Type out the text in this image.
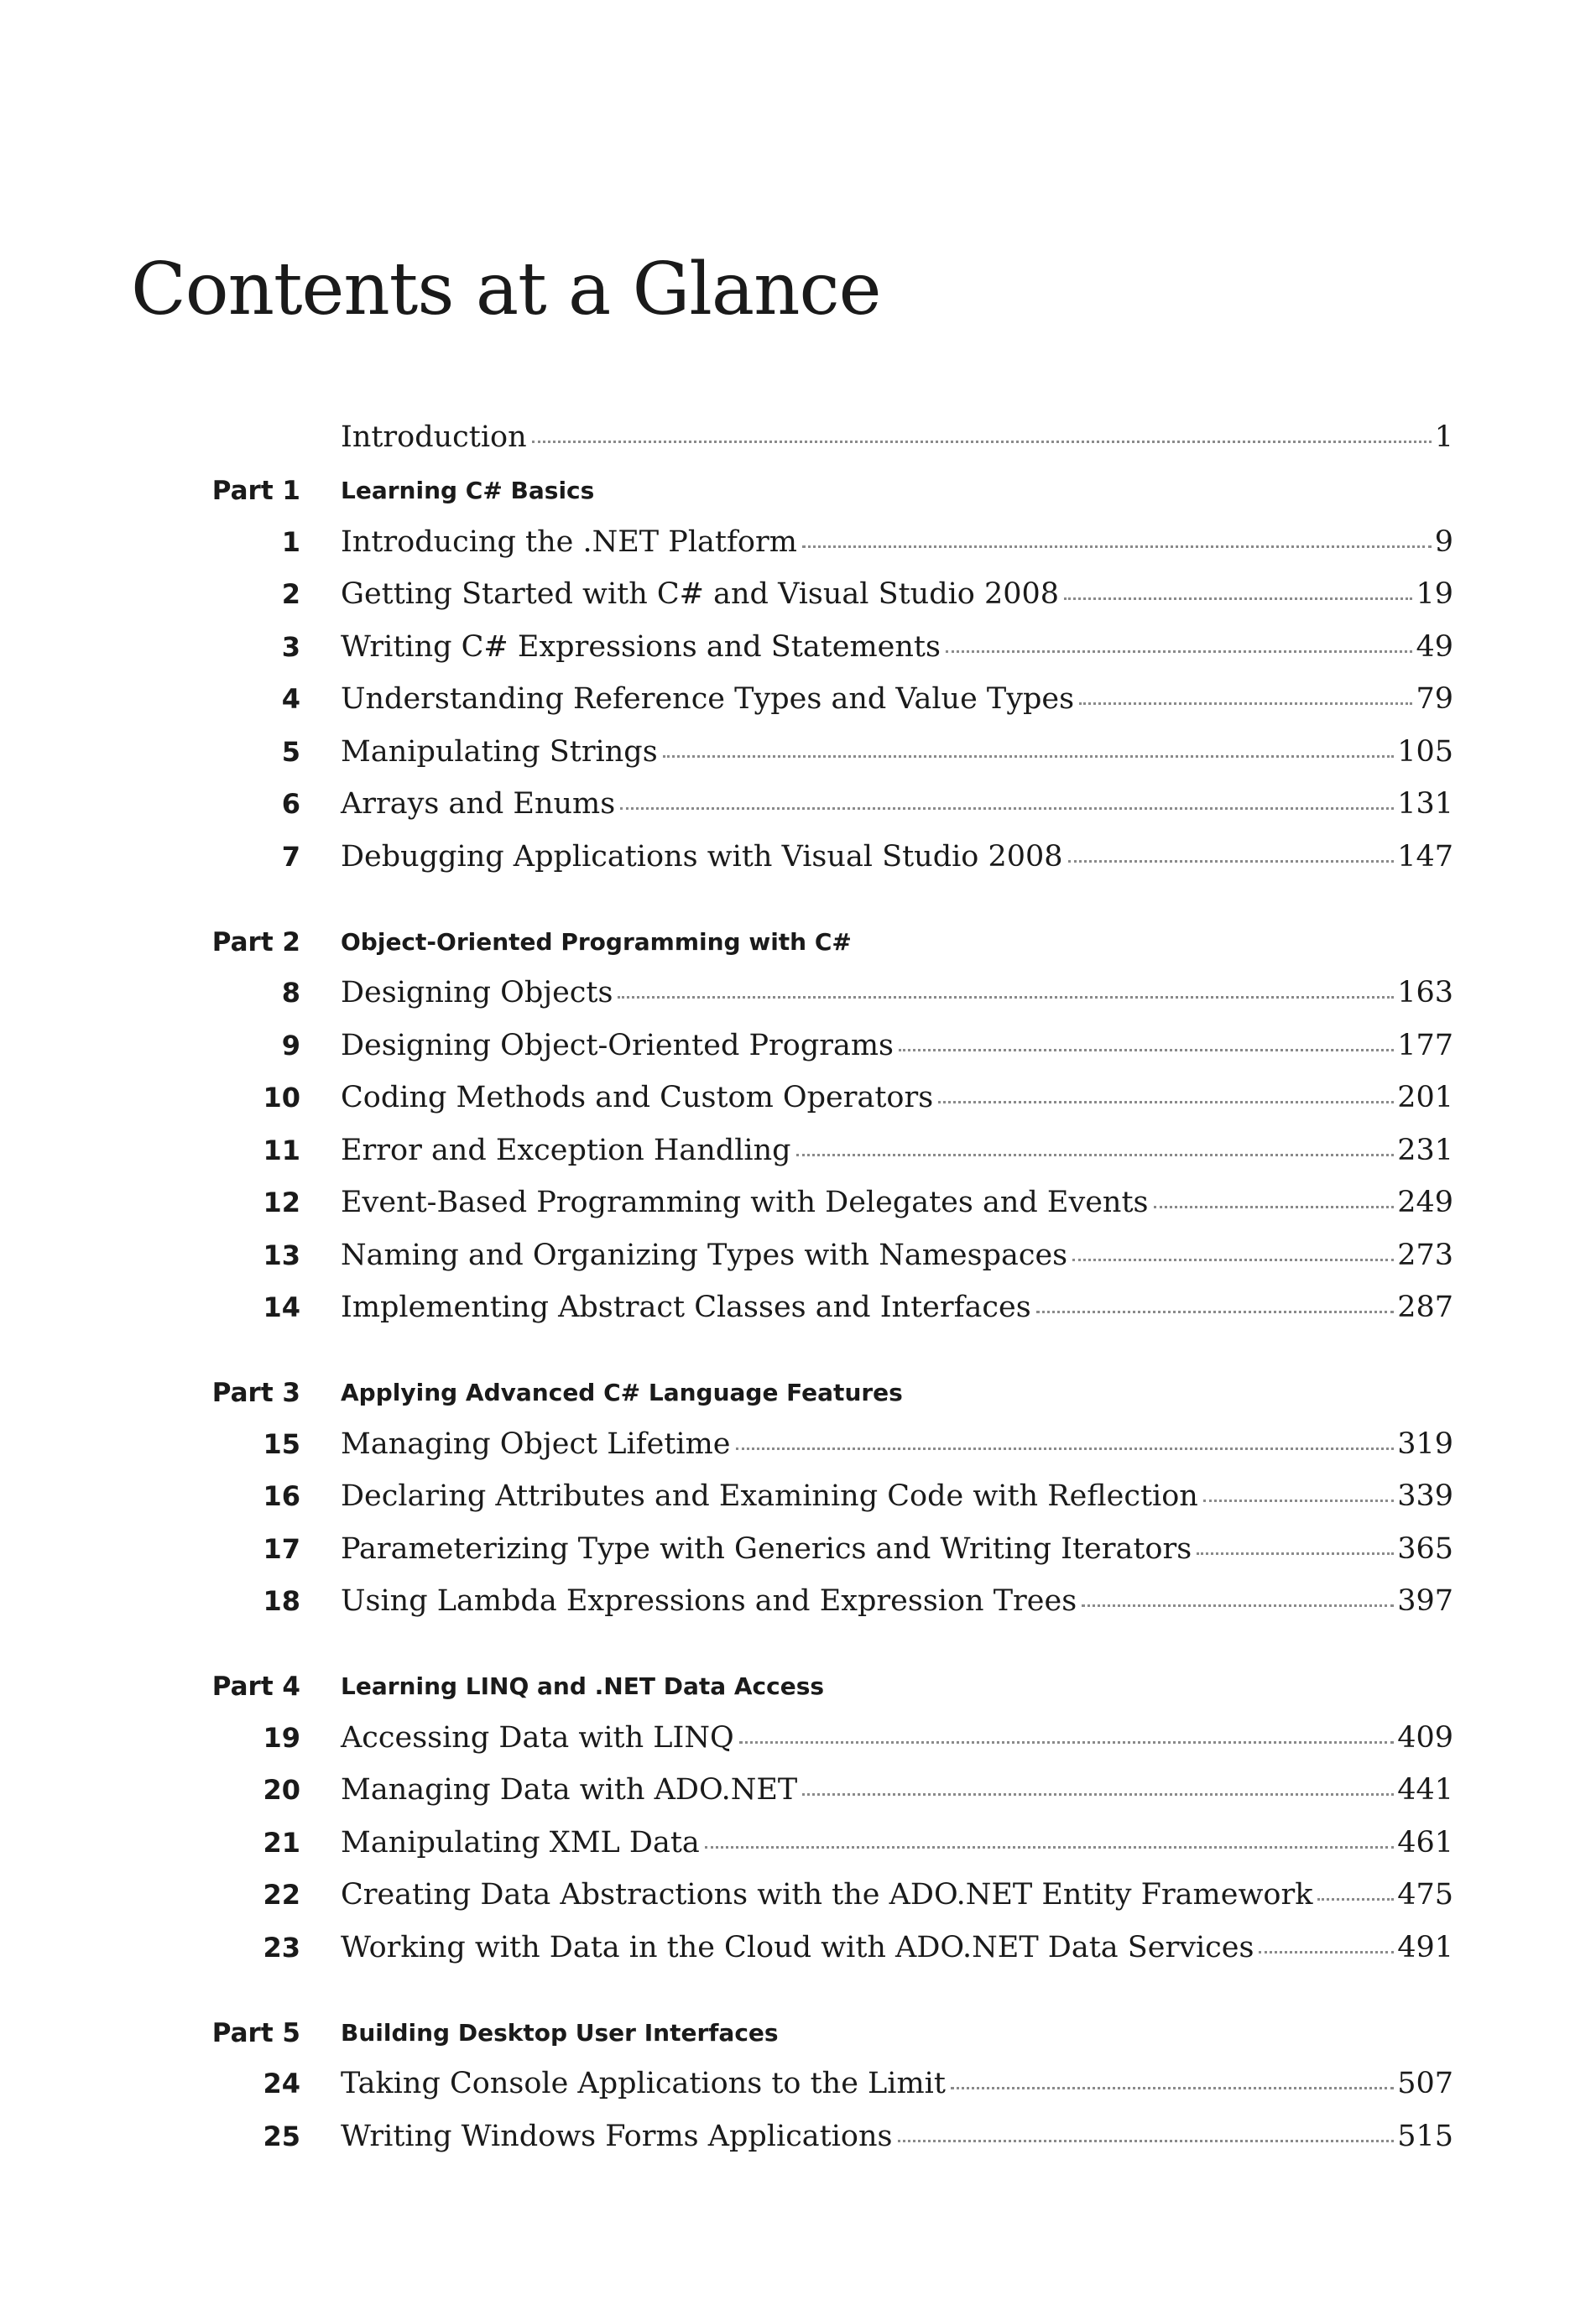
Contents at a Glance
Introduction	1
Part 1 Learning C# Basics
1 Introducing the .NET Platform	9
2 Getting Started with C# and Visual Studio 2008	19
3 Writing C# Expressions and Statements	49
4 Understanding Reference Types and Value Types	79
5 Manipulating Strings	105
6 Arrays and Enums	131
7 Debugging Applications with Visual Studio 2008	147
Part 2 Object-Oriented Programming with C#
8 Designing Objects	163
9 Designing Object-Oriented Programs	177
10 Coding Methods and Custom Operators	201
11 Error and Exception Handling	231
12 Event-Based Programming with Delegates and Events	249
13 Naming and Organizing Types with Namespaces	273
14 Implementing Abstract Classes and Interfaces	287
Part 3 Applying Advanced C# Language Features
15 Managing Object Lifetime	319
16 Declaring Attributes and Examining Code with Reflection	339
17 Parameterizing Type with Generics and Writing Iterators	365
18 Using Lambda Expressions and Expression Trees	397
Part 4 Learning LINQ and .NET Data Access
19 Accessing Data with LINQ	409
20 Managing Data with ADO.NET	441
21 Manipulating XML Data	461
22 Creating Data Abstractions with the ADO.NET Entity Framework	475
23 Working with Data in the Cloud with ADO.NET Data Services	491
Part 5 Building Desktop User Interfaces
24 Taking Console Applications to the Limit	507
25 Writing Windows Forms Applications	515
